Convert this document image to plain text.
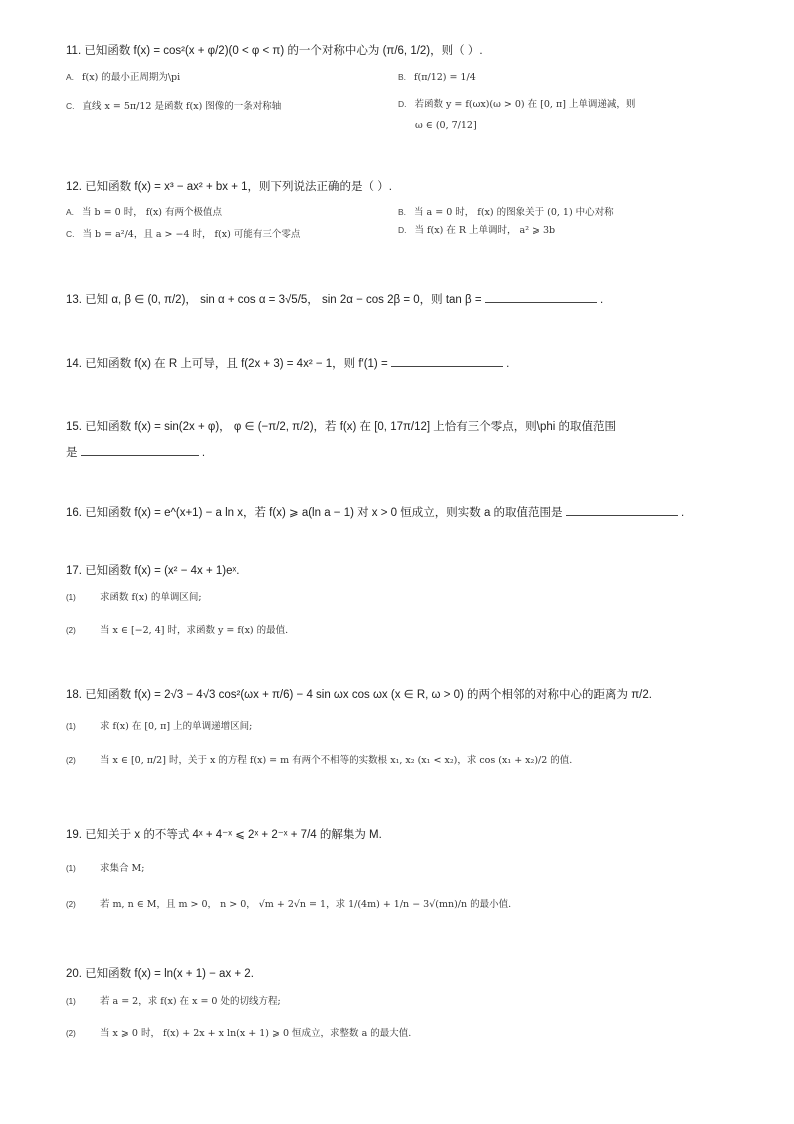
11. 已知函数 f(x) = cos²(x + φ/2)(0 < φ < π) 的一个对称中心为 (π/6, 1/2)，则（ ）.
A. f(x) 的最小正周期为\pi	B. f(π/12) = 1/4
C. 直线 x = 5π/12 是函数 f(x) 图像的一条对称轴	D. 若函数 y = f(ωx)(ω > 0) 在 [0, π] 上单调递减，则
ω ∈ (0, 7/12]
12. 已知函数 f(x) = x³ − ax² + bx + 1，则下列说法正确的是（ ）.
A. 当 b = 0 时， f(x) 有两个极值点	B. 当 a = 0 时， f(x) 的图象关于 (0, 1) 中心对称
C. 当 b = a²/4，且 a > −4 时， f(x) 可能有三个零点	D. 当 f(x) 在 R 上单调时， a² ⩾ 3b
13. 已知 α, β ∈ (0, π/2)， sin α + cos α = 3√5/5， sin 2α − cos 2β = 0，则 tan β =	.
14. 已知函数 f(x) 在 R 上可导，且 f(2x + 3) = 4x² − 1，则 f′(1) =	.
15. 已知函数 f(x) = sin(2x + φ)， φ ∈ (−π/2, π/2)，若 f(x) 在 [0, 17π/12] 上恰有三个零点，则\phi 的取值范围
是	.
16. 已知函数 f(x) = e^(x+1) − a ln x，若 f(x) ⩾ a(ln a − 1) 对 x > 0 恒成立，则实数 a 的取值范围是	.
17. 已知函数 f(x) = (x² − 4x + 1)eˣ.
(1)	求函数 f(x) 的单调区间;
(2)	当 x ∈ [−2, 4] 时，求函数 y = f(x) 的最值.
18. 已知函数 f(x) = 2√3 − 4√3 cos²(ωx + π/6) − 4 sin ωx cos ωx (x ∈ R, ω > 0) 的两个相邻的对称中心的距离为 π/2.
(1)	求 f(x) 在 [0, π] 上的单调递增区间;
(2)	当 x ∈ [0, π/2] 时，关于 x 的方程 f(x) = m 有两个不相等的实数根 x₁, x₂ (x₁ < x₂)，求 cos (x₁ + x₂)/2 的值.
19. 已知关于 x 的不等式 4ˣ + 4⁻ˣ ⩽ 2ˣ + 2⁻ˣ + 7/4 的解集为 M.
(1)	求集合 M;
(2)	若 m, n ∈ M，且 m > 0， n > 0， √m + 2√n = 1，求 1/(4m) + 1/n − 3√(mn)/n 的最小值.
20. 已知函数 f(x) = ln(x + 1) − ax + 2.
(1)	若 a = 2，求 f(x) 在 x = 0 处的切线方程;
(2)	当 x ⩾ 0 时， f(x) + 2x + x ln(x + 1) ⩾ 0 恒成立，求整数 a 的最大值.
